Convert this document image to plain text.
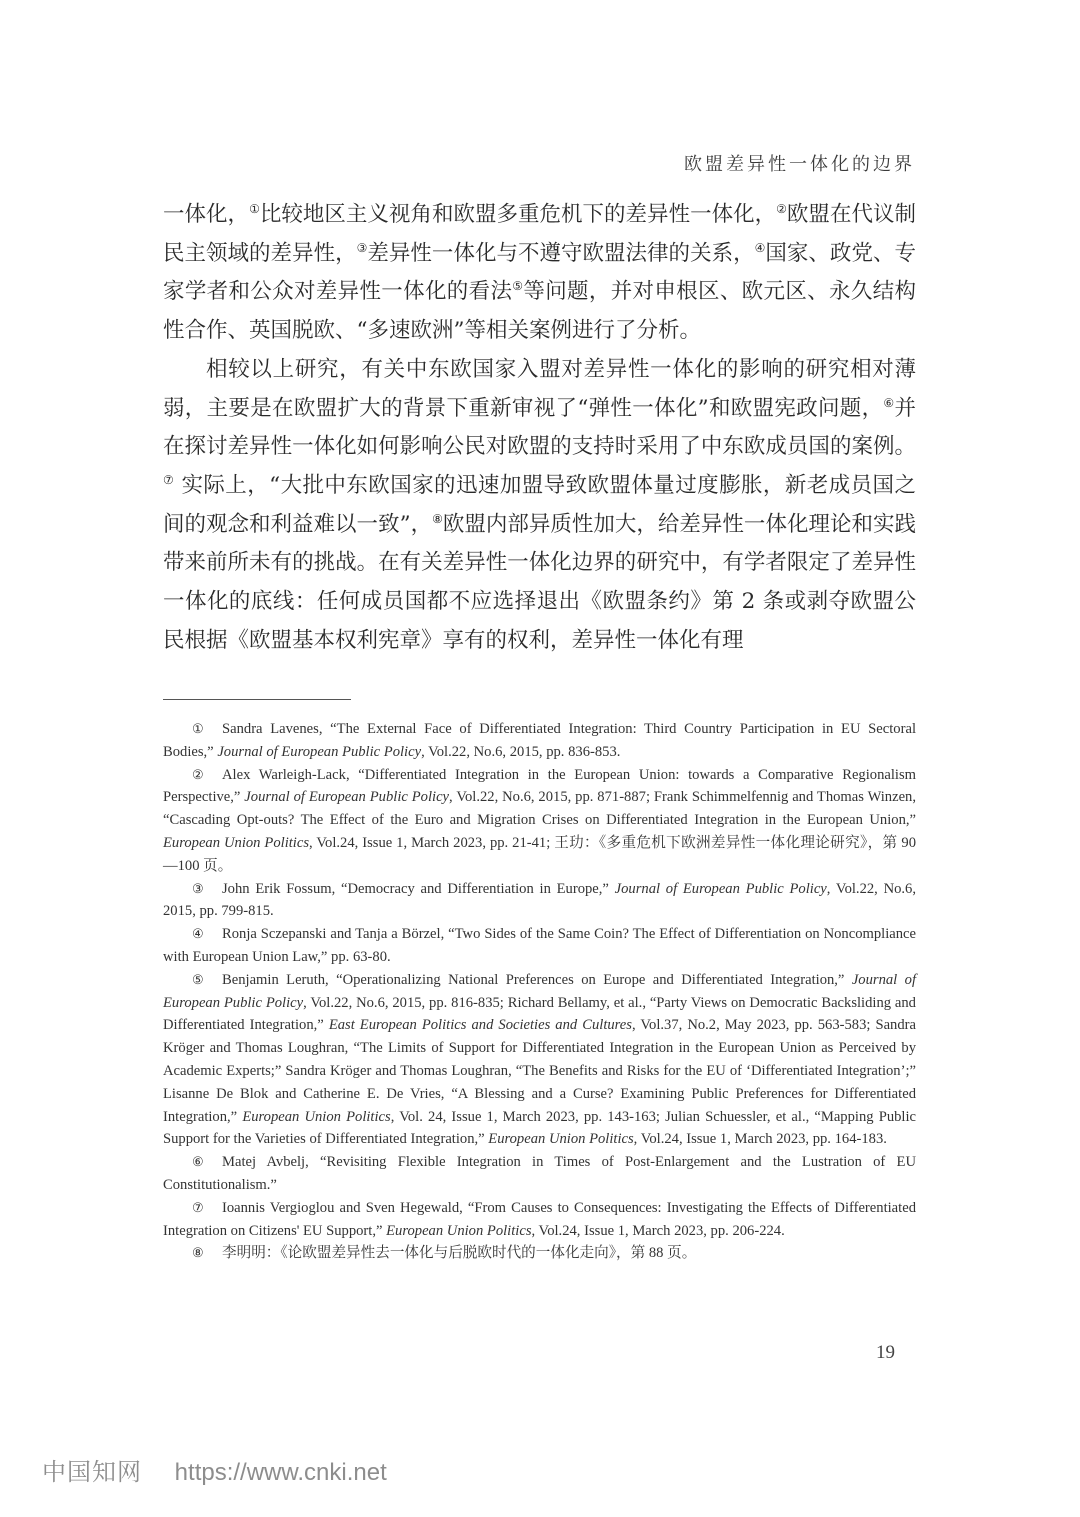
欧盟差异性一体化的边界

一体化，①比较地区主义视角和欧盟多重危机下的差异性一体化，②欧盟在代议制民主领域的差异性，③差异性一体化与不遵守欧盟法律的关系，④国家、政党、专家学者和公众对差异性一体化的看法⑤等问题，并对申根区、欧元区、永久结构性合作、英国脱欧、“多速欧洲”等相关案例进行了分析。

相较以上研究，有关中东欧国家入盟对差异性一体化的影响的研究相对薄弱，主要是在欧盟扩大的背景下重新审视了“弹性一体化”和欧盟宪政问题，⑥并在探讨差异性一体化如何影响公民对欧盟的支持时采用了中东欧成员国的案例。⑦ 实际上，“大批中东欧国家的迅速加盟导致欧盟体量过度膨胀，新老成员国之间的观念和利益难以一致”，⑧欧盟内部异质性加大，给差异性一体化理论和实践带来前所未有的挑战。在有关差异性一体化边界的研究中，有学者限定了差异性一体化的底线：任何成员国都不应选择退出《欧盟条约》第 2 条或剥夺欧盟公民根据《欧盟基本权利宪章》享有的权利，差异性一体化有理

① Sandra Lavenes, “The External Face of Differentiated Integration: Third Country Participation in EU Sectoral Bodies,” Journal of European Public Policy, Vol.22, No.6, 2015, pp. 836-853.

② Alex Warleigh-Lack, “Differentiated Integration in the European Union: towards a Comparative Regionalism Perspective,” Journal of European Public Policy, Vol.22, No.6, 2015, pp. 871-887; Frank Schimmelfennig and Thomas Winzen, “Cascading Opt-outs? The Effect of the Euro and Migration Crises on Differentiated Integration in the European Union,” European Union Politics, Vol.24, Issue 1, March 2023, pp. 21-41; 王玏：《多重危机下欧洲差异性一体化理论研究》，第 90—100 页。

③ John Erik Fossum, “Democracy and Differentiation in Europe,” Journal of European Public Policy, Vol.22, No.6, 2015, pp. 799-815.

④ Ronja Sczepanski and Tanja a Börzel, “Two Sides of the Same Coin? The Effect of Differentiation on Noncompliance with European Union Law,” pp. 63-80.

⑤ Benjamin Leruth, “Operationalizing National Preferences on Europe and Differentiated Integration,” Journal of European Public Policy, Vol.22, No.6, 2015, pp. 816-835; Richard Bellamy, et al., “Party Views on Democratic Backsliding and Differentiated Integration,” East European Politics and Societies and Cultures, Vol.37, No.2, May 2023, pp. 563-583; Sandra Kröger and Thomas Loughran, “The Limits of Support for Differentiated Integration in the European Union as Perceived by Academic Experts;” Sandra Kröger and Thomas Loughran, “The Benefits and Risks for the EU of ‘Differentiated Integration’;” Lisanne De Blok and Catherine E. De Vries, “A Blessing and a Curse? Examining Public Preferences for Differentiated Integration,” European Union Politics, Vol. 24, Issue 1, March 2023, pp. 143-163; Julian Schuessler, et al., “Mapping Public Support for the Varieties of Differentiated Integration,” European Union Politics, Vol.24, Issue 1, March 2023, pp. 164-183.

⑥ Matej Avbelj, “Revisiting Flexible Integration in Times of Post-Enlargement and the Lustration of EU Constitutionalism.”

⑦ Ioannis Vergioglou and Sven Hegewald, “From Causes to Consequences: Investigating the Effects of Differentiated Integration on Citizens' EU Support,” European Union Politics, Vol.24, Issue 1, March 2023, pp. 206-224.

⑧ 李明明：《论欧盟差异性去一体化与后脱欧时代的一体化走向》，第 88 页。

19
中国知网 https://www.cnki.net
